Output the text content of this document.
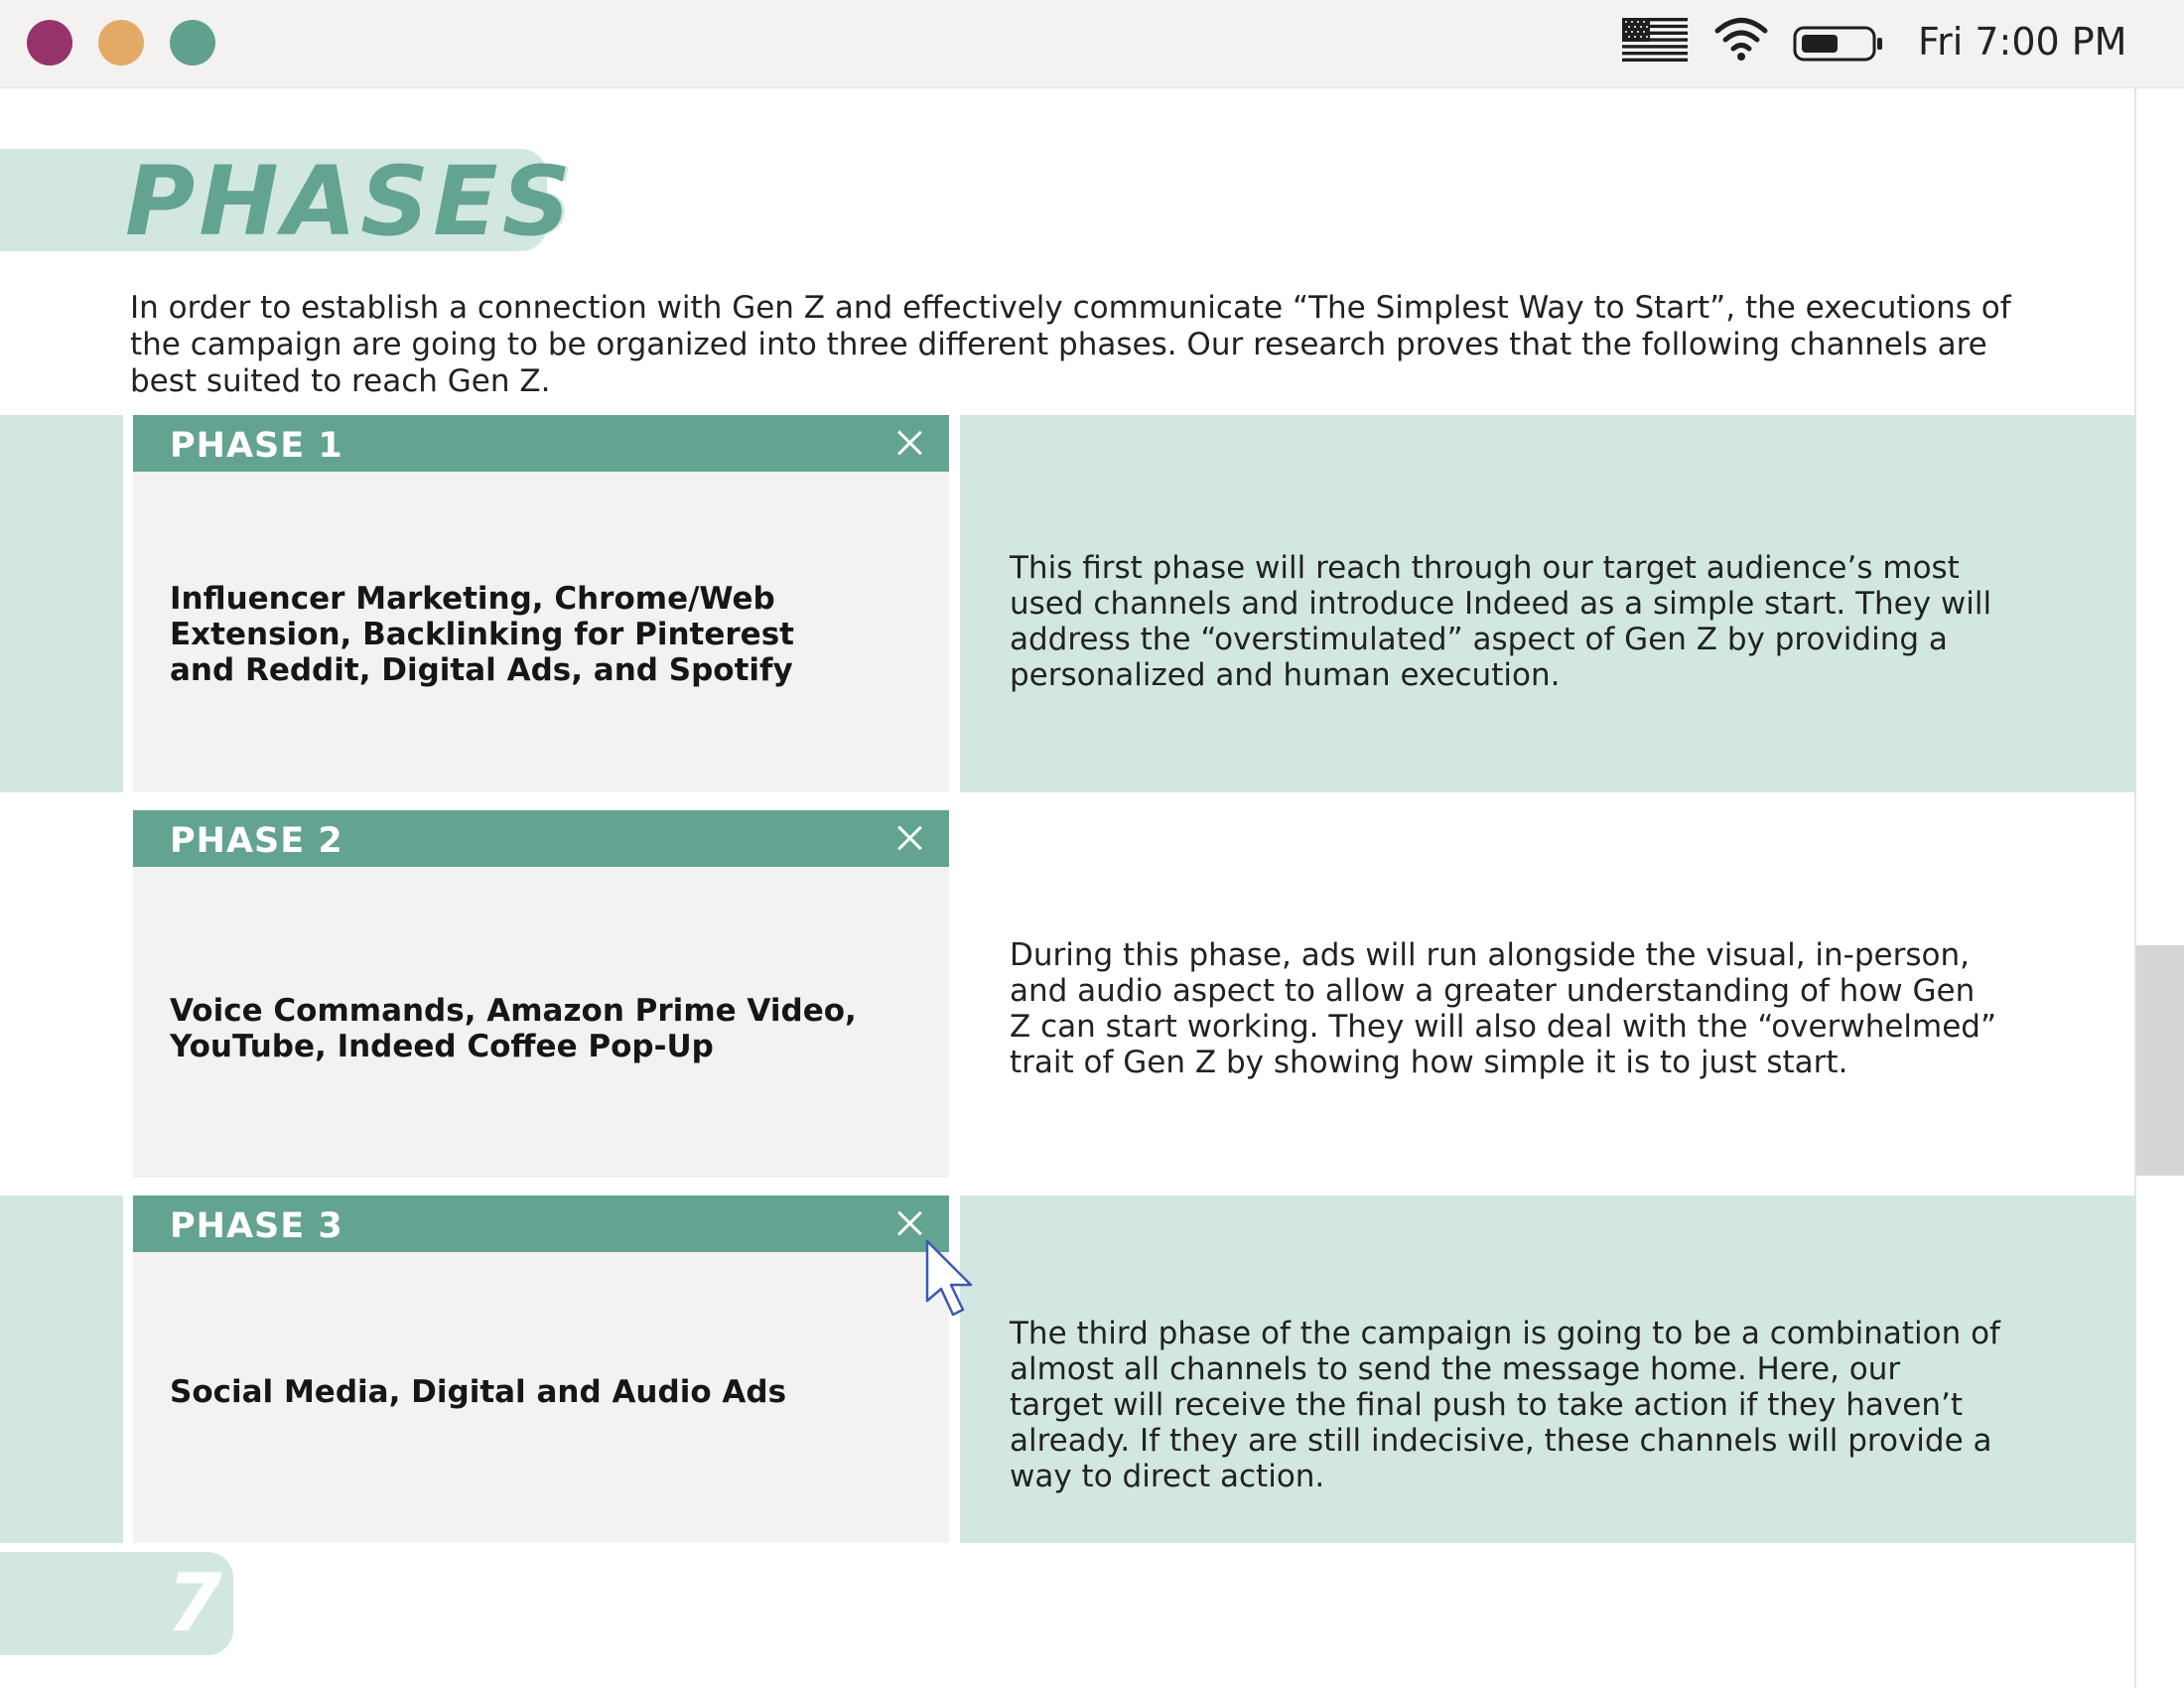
Fri 7:00 PM
PHASES
In order to establish a connection with Gen Z and effectively communicate “The Simplest Way to Start”, the executions of the campaign are going to be organized into three different phases. Our research proves that the following channels are best suited to reach Gen Z.
This first phase will reach through our target audience’s most used channels and introduce Indeed as a simple start. They will address the “overstimulated” aspect of Gen Z by providing a personalized and human execution.
PHASE 1
Influencer Marketing, Chrome/Web Extension, Backlinking for Pinterest and Reddit, Digital Ads, and Spotify
PHASE 2
Voice Commands, Amazon Prime Video, YouTube, Indeed Coffee Pop-Up
During this phase, ads will run alongside the visual, in-person, and audio aspect to allow a greater understanding of how Gen Z can start working. They will also deal with the “overwhelmed” trait of Gen Z by showing how simple it is to just start.
The third phase of the campaign is going to be a combination of almost all channels to send the message home. Here, our target will receive the final push to take action if they haven’t already. If they are still indecisive, these channels will provide a way to direct action.
PHASE 3
Social Media, Digital and Audio Ads
7
